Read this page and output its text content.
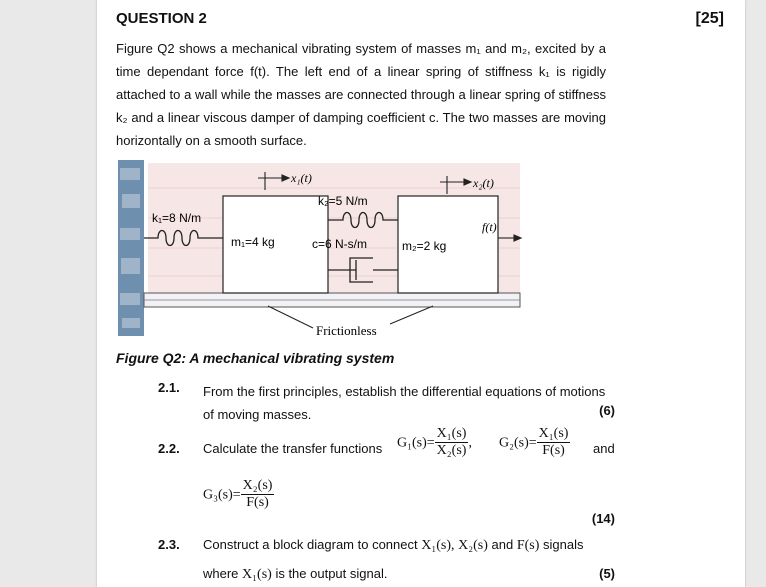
QUESTION 2	[25]
Figure Q2 shows a mechanical vibrating system of masses m₁ and m₂, excited by a time dependant force f(t). The left end of a linear spring of stiffness k₁ is rigidly attached to a wall while the masses are connected through a linear spring of stiffness k₂ and a linear viscous damper of damping coefficient c. The two masses are moving horizontally on a smooth surface.
x₁(t)	x₂(t)
k₂=5 N/m
k₁=8 N/m
m₁=4 kg	c=6 N-s/m	m₂=2 kg
f(t)
Frictionless
Figure Q2: A mechanical vibrating system
2.1. From the first principles, establish the differential equations of motions of moving masses.	(6)
2.2. Calculate the transfer functions $G_1(s)= \frac{\text{X₁(s)}}{\text{X₂(s)}}$ , $G_2(s)= \frac{\text{X₁(s)}}{F(s)}$ and
$G_3(s)= \frac{\text{X₂(s)}}{F(s)}$
(14)
2.3. Construct a block diagram to connect X₁(s), X₂(s) and F(s) signals
where X₁(s) is the output signal.	(5)
